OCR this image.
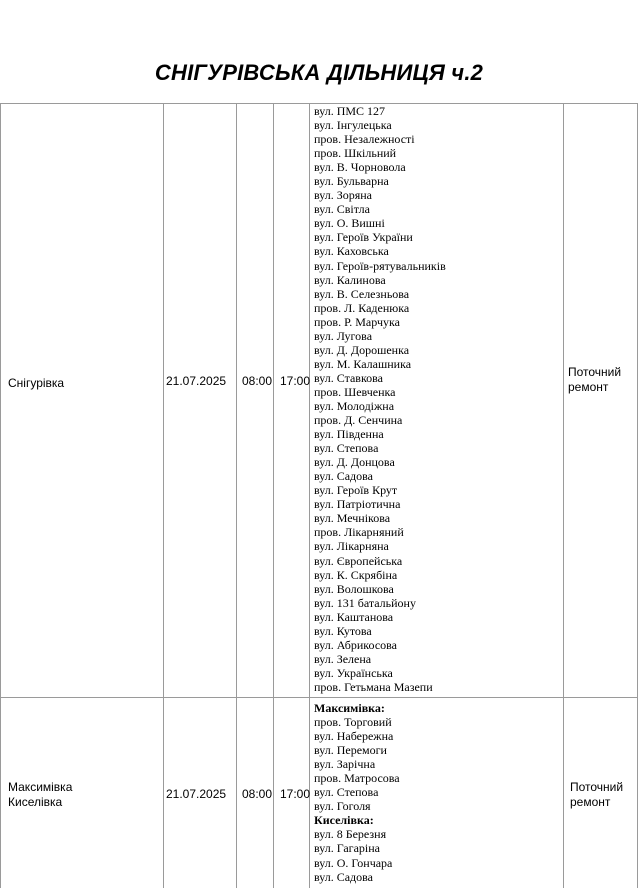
СНІГУРІВСЬКА ДІЛЬНИЦЯ ч.2
Снігурівка	21.07.2025 08:00 17:00
Поточний
ремонт
вул. ПМС 127
вул. Інгулецька
пров. Незалежності
пров. Шкільний
вул. В. Чорновола
вул. Бульварна
вул. Зоряна
вул. Світла
вул. О. Вишні
вул. Героїв України
вул. Каховська
вул. Героїв-рятувальників
вул. Калинова
вул. В. Селезньова
пров. Л. Каденюка
пров. Р. Марчука
вул. Лугова
вул. Д. Дорошенка
вул. М. Калашника
вул. Ставкова
пров. Шевченка
вул. Молодіжна
пров. Д. Сенчина
вул. Південна
вул. Степова
вул. Д. Донцова
вул. Садова
вул. Героїв Крут
вул. Патріотична
вул. Мечнікова
пров. Лікарняний
вул. Лікарняна
вул. Європейська
вул. К. Скрябіна
вул. Волошкова
вул. 131 батальйону
вул. Каштанова
вул. Кутова
вул. Абрикосова
вул. Зелена
вул. Українська
пров. Гетьмана Мазепи
Максимівка
Киселівка
21.07.2025 08:00 17:00	Поточний
ремонт
Максимівка:
пров. Торговий
вул. Набережна
вул. Перемоги
вул. Зарічна
пров. Матросова
вул. Степова
вул. Гоголя
Киселівка:
вул. 8 Березня
вул. Гагаріна
вул. О. Гончара
вул. Садова
